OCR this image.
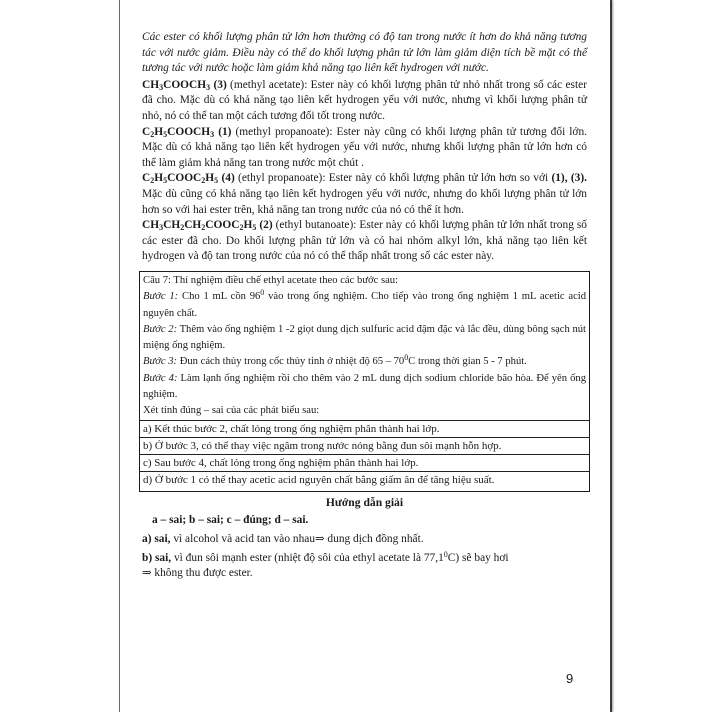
Các ester có khối lượng phân tử lớn hơn thường có độ tan trong nước ít hơn do khả năng tương tác với nước giảm. Điều này có thể do khối lượng phân tử lớn làm giảm diện tích bề mặt có thể tương tác với nước hoặc làm giảm khả năng tạo liên kết hydrogen với nước.

$CH_3COOCH_3$ (3) (methyl acetate): Ester này có khối lượng phân tử nhỏ nhất trong số các ester đã cho. Mặc dù có khả năng tạo liên kết hydrogen yếu với nước, nhưng vì khối lượng phân tử nhỏ, nó có thể tan một cách tương đối tốt trong nước.

$C_2H_5COOCH_3$ (1) (methyl propanoate): Ester này cũng có khối lượng phân tử tương đối lớn. Mặc dù có khả năng tạo liên kết hydrogen yếu với nước, nhưng khối lượng phân tử lớn hơn có thể làm giảm khả năng tan trong nước một chút .

$C_2H_5COOC_2H_5$ (4) (ethyl propanoate): Ester này có khối lượng phân tử lớn hơn so với (1), (3). Mặc dù cũng có khả năng tạo liên kết hydrogen yếu với nước, nhưng do khối lượng phân tử lớn hơn so với hai ester trên, khả năng tan trong nước của nó có thể ít hơn.

$CH_3CH_2CH_2COOC_2H_5$ (2) (ethyl butanoate): Ester này có khối lượng phân tử lớn nhất trong số các ester đã cho. Do khối lượng phân tử lớn và có hai nhóm alkyl lớn, khả năng tạo liên kết hydrogen và độ tan trong nước của nó có thể thấp nhất trong số các ester này.

Câu 7: Thí nghiệm điều chế ethyl acetate theo các bước sau:
Bước 1: Cho 1 mL cồn $96^0$ vào trong ống nghiệm. Cho tiếp vào trong ống nghiệm 1 mL acetic acid nguyên chất.
Bước 2: Thêm vào ống nghiệm 1 -2 giọt dung dịch sulfuric acid đậm đặc và lắc đều, dùng bông sạch nút miệng ống nghiệm.
Bước 3: Đun cách thủy trong cốc thủy tinh ở nhiệt độ $65 - 70^0C$ trong thời gian 5 - 7 phút.
Bước 4: Làm lạnh ống nghiệm rồi cho thêm vào 2 mL dung dịch sodium chloride bão hòa. Để yên ống nghiệm.
Xét tính đúng – sai của các phát biểu sau:
a) Kết thúc bước 2, chất lỏng trong ống nghiệm phân thành hai lớp.
b) Ở bước 3, có thể thay việc ngâm trong nước nóng bằng đun sôi mạnh hỗn hợp.
c) Sau bước 4, chất lỏng trong ống nghiệm phân thành hai lớp.
d) Ở bước 1 có thể thay acetic acid nguyên chất bằng giấm ăn để tăng hiệu suất.
Hướng dẫn giải
a – sai; b – sai; c – đúng; d – sai.

a) sai, vì alcohol và acid tan vào nhau⇒ dung dịch đồng nhất.

b) sai, vì đun sôi mạnh ester (nhiệt độ sôi của ethyl acetate là 77,1$^0$C) sẽ bay hơi
⇒ không thu được ester.

9
